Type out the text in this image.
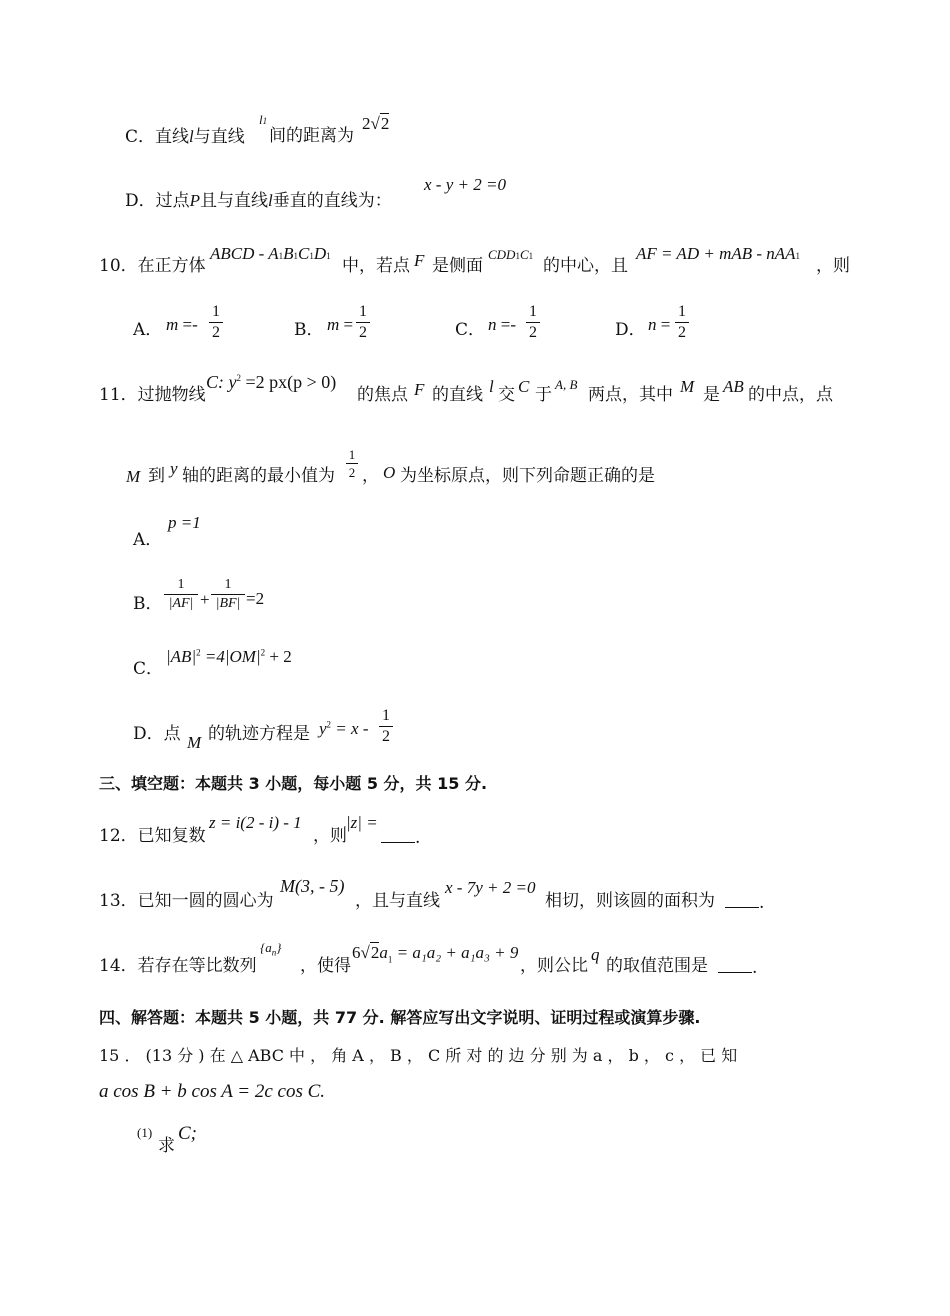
C．直线l与直线
l1
间的距离为
2√2
D．过点P且与直线l垂直的直线为：
x - y + 2 =0
10．在正方体
ABCD - A1B1C1D1 中，若点 F 是侧面
CDD1C1 的中心，且
AF = AD + mAB - nAA1 ，则
A． m =-
1
2	B． m =
1
2	C． n =-
1
2	D． n =
1
2
11．过抛物线
C: $y^2 =2$ px(p > 0)
的焦点 F 的直线 l 交 C 于
A, B
两点，其中 M 是 AB 的中点，点
M 到 y 轴的距离的最小值为
1
2 ， O 为坐标原点，则下列命题正确的是
A．
p =1
B．
1
|AF| +
1
|BF| =2
C．
$|AB|^2 =4|OM|^2 + 2$
D．点 M 的轨迹方程是 $y^2 = x$ -
1
2
三、填空题：本题共 3 小题，每小题 5 分，共 15 分.
12．已知复数
z = i(2 - i) - 1
，则
|z| =
.
13．已知一圆的圆心为
M(3, - 5)
，且与直线
x - 7y + 2 =0
相切，则该圆的面积为	.
14．若存在等比数列
$\{a_n\}$
，使得
$6√2a_1 = a_1a_2 + a_1a_3 + 9$
，则公比
q
的取值范围是	.
四、解答题：本题共 5 小题，共 77 分. 解答应写出文字说明、证明过程或演算步骤.
15 ． (13 分 ) 在 △ ABC 中 ， 角 A ， B ， C 所 对 的 边 分 别 为 a ， b ， c ， 已 知
a cos B + b cos A = 2c cos C.
(1)
求
C;
